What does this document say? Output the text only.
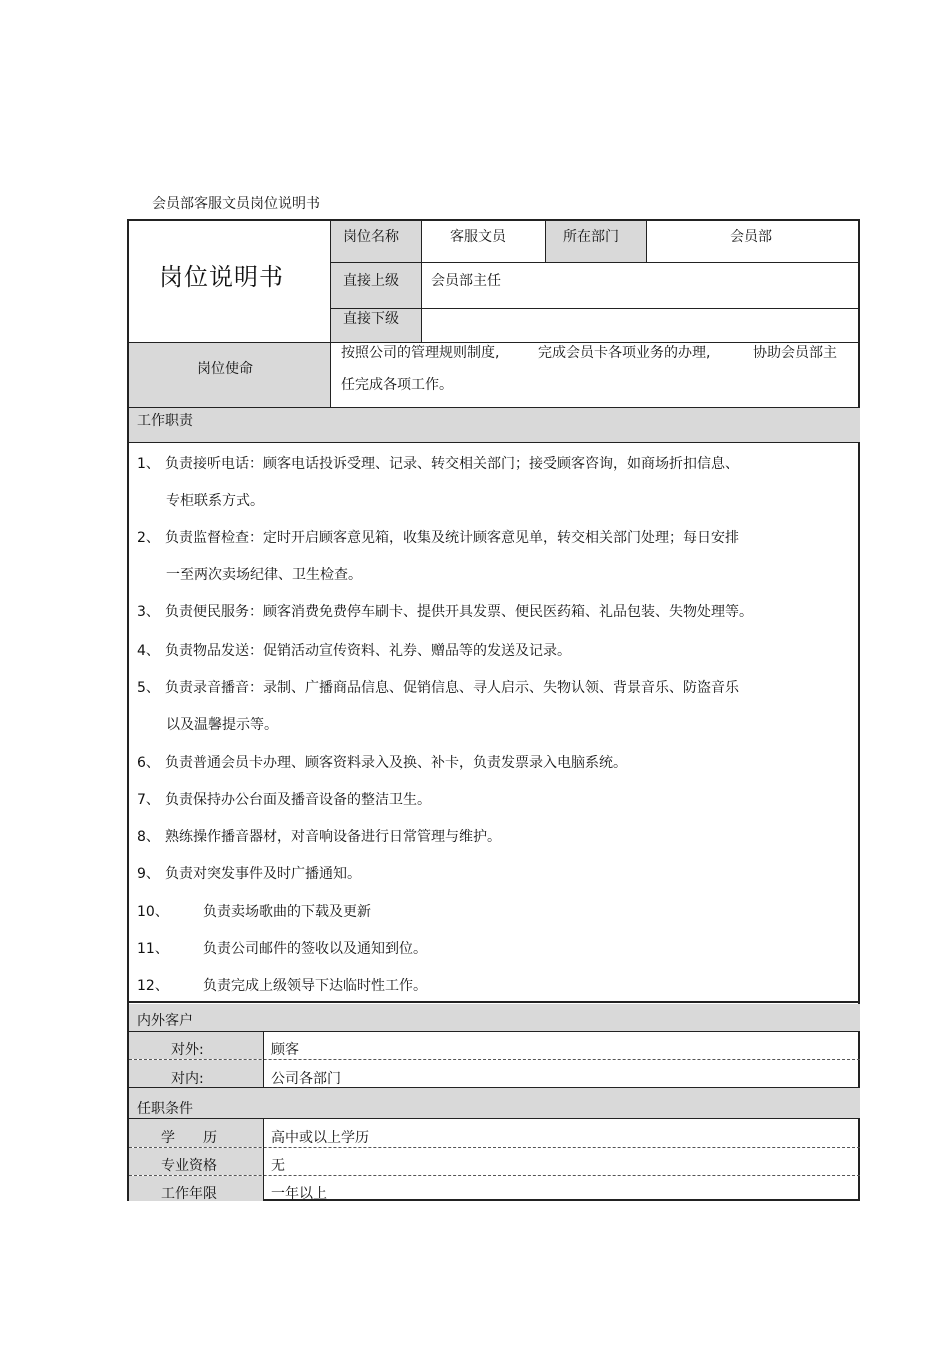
会员部客服文员岗位说明书
岗位说明书
岗位名称	客服文员	所在部门	会员部
直接上级 会员部主任
直接下级
岗位使命
按照公司的管理规则制度,	完成会员卡各项业务的办理,	协助会员部主
任完成各项工作。
工作职责
1、 负责接听电话：顾客电话投诉受理、记录、转交相关部门；接受顾客咨询，如商场折扣信息、
专柜联系方式。
2、 负责监督检查：定时开启顾客意见箱，收集及统计顾客意见单，转交相关部门处理；每日安排
一至两次卖场纪律、卫生检查。
3、 负责便民服务：顾客消费免费停车刷卡、提供开具发票、便民医药箱、礼品包装、失物处理等。
4、 负责物品发送：促销活动宣传资料、礼券、赠品等的发送及记录。
5、 负责录音播音：录制、广播商品信息、促销信息、寻人启示、失物认领、背景音乐、防盗音乐
以及温馨提示等。
6、 负责普通会员卡办理、顾客资料录入及换、补卡，负责发票录入电脑系统。
7、 负责保持办公台面及播音设备的整洁卫生。
8、 熟练操作播音器材，对音响设备进行日常管理与维护。
9、 负责对突发事件及时广播通知。
10、 负责卖场歌曲的下载及更新
11、 负责公司邮件的签收以及通知到位。
12、 负责完成上级领导下达临时性工作。
内外客户
对外:	顾客
对内:	公司各部门
任职条件
学　　历	高中或以上学历
专业资格	无
工作年限	一年以上
